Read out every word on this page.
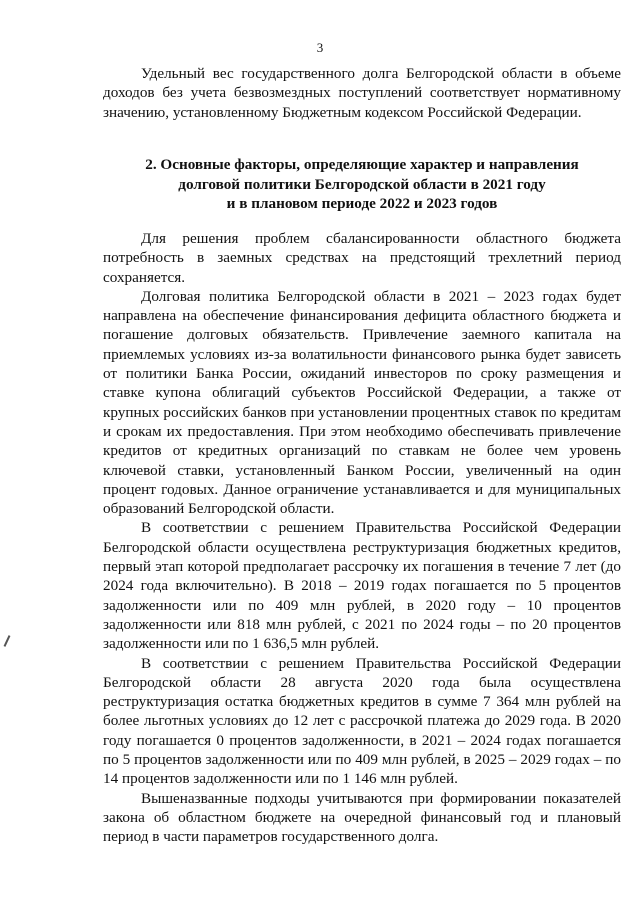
3

Удельный вес государственного долга Белгородской области в объеме доходов без учета безвозмездных поступлений соответствует нормативному значению, установленному Бюджетным кодексом Российской Федерации.

2. Основные факторы, определяющие характер и направления
долговой политики Белгородской области в 2021 году
и в плановом периоде 2022 и 2023 годов

Для решения проблем сбалансированности областного бюджета потребность в заемных средствах на предстоящий трехлетний период сохраняется.

Долговая политика Белгородской области в 2021 – 2023 годах будет направлена на обеспечение финансирования дефицита областного бюджета и погашение долговых обязательств. Привлечение заемного капитала на приемлемых условиях из-за волатильности финансового рынка будет зависеть от политики Банка России, ожиданий инвесторов по сроку размещения и ставке купона облигаций субъектов Российской Федерации, а также от крупных российских банков при установлении процентных ставок по кредитам и срокам их предоставления. При этом необходимо обеспечивать привлечение кредитов от кредитных организаций по ставкам не более чем уровень ключевой ставки, установленный Банком России, увеличенный на один процент годовых. Данное ограничение устанавливается и для муниципальных образований Белгородской области.

В соответствии с решением Правительства Российской Федерации Белгородской области осуществлена реструктуризация бюджетных кредитов, первый этап которой предполагает рассрочку их погашения в течение 7 лет (до 2024 года включительно). В 2018 – 2019 годах погашается по 5 процентов задолженности или по 409 млн рублей, в 2020 году – 10 процентов задолженности или 818 млн рублей, с 2021 по 2024 годы – по 20 процентов задолженности или по 1 636,5 млн рублей.

В соответствии с решением Правительства Российской Федерации Белгородской области 28 августа 2020 года была осуществлена реструктуризация остатка бюджетных кредитов в сумме 7 364 млн рублей на более льготных условиях до 12 лет с рассрочкой платежа до 2029 года. В 2020 году погашается 0 процентов задолженности, в 2021 – 2024 годах погашается по 5 процентов задолженности или по 409 млн рублей, в 2025 – 2029 годах – по 14 процентов задолженности или по 1 146 млн рублей.

Вышеназванные подходы учитываются при формировании показателей закона об областном бюджете на очередной финансовый год и плановый период в части параметров государственного долга.
